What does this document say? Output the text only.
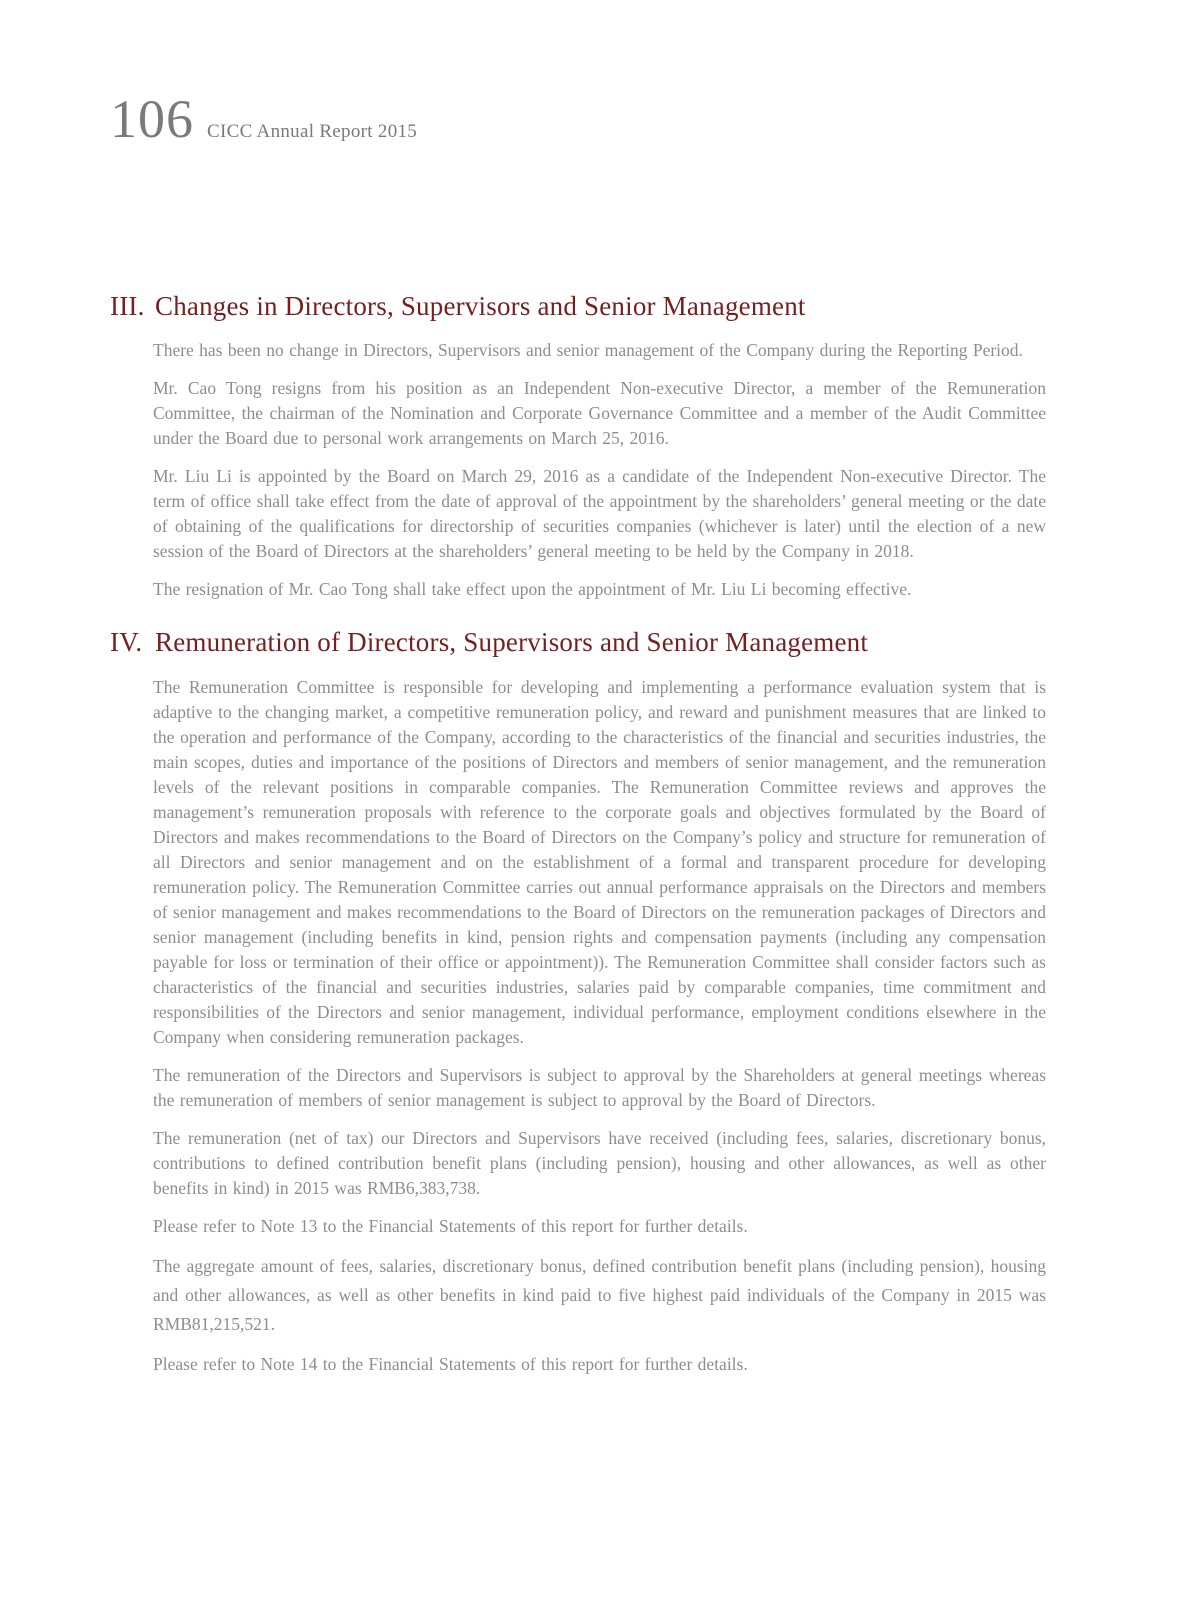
106 CICC Annual Report 2015
III. Changes in Directors, Supervisors and Senior Management

There has been no change in Directors, Supervisors and senior management of the Company during the Reporting Period.

Mr. Cao Tong resigns from his position as an Independent Non-executive Director, a member of the Remuneration Committee, the chairman of the Nomination and Corporate Governance Committee and a member of the Audit Committee under the Board due to personal work arrangements on March 25, 2016.

Mr. Liu Li is appointed by the Board on March 29, 2016 as a candidate of the Independent Non-executive Director. The term of office shall take effect from the date of approval of the appointment by the shareholders’ general meeting or the date of obtaining of the qualifications for directorship of securities companies (whichever is later) until the election of a new session of the Board of Directors at the shareholders’ general meeting to be held by the Company in 2018.

The resignation of Mr. Cao Tong shall take effect upon the appointment of Mr. Liu Li becoming effective.

IV. Remuneration of Directors, Supervisors and Senior Management

The Remuneration Committee is responsible for developing and implementing a performance evaluation system that is adaptive to the changing market, a competitive remuneration policy, and reward and punishment measures that are linked to the operation and performance of the Company, according to the characteristics of the financial and securities industries, the main scopes, duties and importance of the positions of Directors and members of senior management, and the remuneration levels of the relevant positions in comparable companies. The Remuneration Committee reviews and approves the management’s remuneration proposals with reference to the corporate goals and objectives formulated by the Board of Directors and makes recommendations to the Board of Directors on the Company’s policy and structure for remuneration of all Directors and senior management and on the establishment of a formal and transparent procedure for developing remuneration policy. The Remuneration Committee carries out annual performance appraisals on the Directors and members of senior management and makes recommendations to the Board of Directors on the remuneration packages of Directors and senior management (including benefits in kind, pension rights and compensation payments (including any compensation payable for loss or termination of their office or appointment)). The Remuneration Committee shall consider factors such as characteristics of the financial and securities industries, salaries paid by comparable companies, time commitment and responsibilities of the Directors and senior management, individual performance, employment conditions elsewhere in the Company when considering remuneration packages.

The remuneration of the Directors and Supervisors is subject to approval by the Shareholders at general meetings whereas the remuneration of members of senior management is subject to approval by the Board of Directors.

The remuneration (net of tax) our Directors and Supervisors have received (including fees, salaries, discretionary bonus, contributions to defined contribution benefit plans (including pension), housing and other allowances, as well as other benefits in kind) in 2015 was RMB6,383,738.

Please refer to Note 13 to the Financial Statements of this report for further details.

The aggregate amount of fees, salaries, discretionary bonus, defined contribution benefit plans (including pension), housing and other allowances, as well as other benefits in kind paid to five highest paid individuals of the Company in 2015 was RMB81,215,521.

Please refer to Note 14 to the Financial Statements of this report for further details.
